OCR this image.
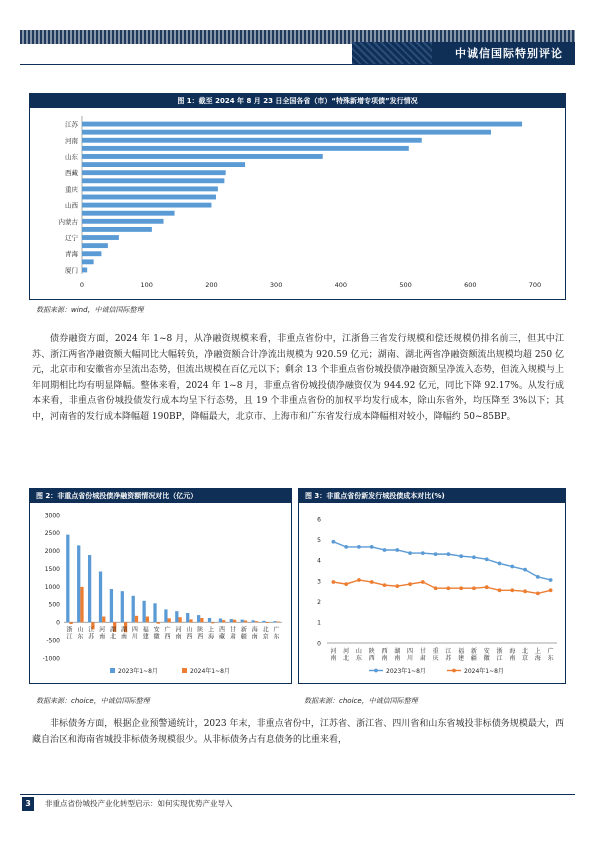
中诚信国际特别评论
图 1：截至 2024 年 8 月 23 日全国各省（市）“特殊新增专项债”发行情况
江苏
河南
山东
西藏
重庆
山西
内蒙古
辽宁
青海
厦门
0	100	200	300	400	500	600	700
数据来源：wind，中诚信国际整理

债券融资方面，2024 年 1~8 月，从净融资规模来看，非重点省份中，江浙鲁三省发行规模和偿还规模仍排名前三，但其中江苏、浙江两省净融资额大幅同比大幅转负，净融资额合计净流出规模为 920.59 亿元；湖南、湖北两省净融资额流出规模均超 250 亿元，北京市和安徽省亦呈流出态势，但流出规模在百亿元以下；剩余 13 个非重点省份城投债净融资额呈净流入态势，但流入规模与上年同期相比均有明显降幅。整体来看，2024 年 1~8 月，非重点省份城投债净融资仅为 944.92 亿元，同比下降 92.17%。从发行成本来看，非重点省份城投债发行成本均呈下行态势，且 19 个非重点省份的加权平均发行成本，除山东省外，均压降至 3%以下；其中，河南省的发行成本降幅超 190BP，降幅最大，北京市、上海市和广东省发行成本降幅相对较小，降幅约 50~85BP。

图 2：非重点省份城投债净融资额情况对比（亿元）
-1000
-500
0
500
1000
1500
2000
2500
3000
浙
江
山
东
江
苏
河
南
湖
北
湖
南
四
川
福
建
安
徽
广
西
河
南
山
西
陕
西
上
海
西
藏
甘
肃
新
疆
海
南
北
京
广
东
2023年1~8月	2024年1~8月
数据来源：choice，中诚信国际整理
图 3：非重点省份新发行城投债成本对比(%)
0
1
2
3
4
5
6
河
南
河
北
山
东
陕
西
西
南
湖
南
四
川
甘
肃
重
庆
江
苏
福
建
新
疆
安
徽
浙
江
海
南
北
京
上
海
广
东
2023年1~8月	2024年1~8月
数据来源：choice，中诚信国际整理

非标债务方面，根据企业预警通统计，2023 年末，非重点省份中，江苏省、浙江省、四川省和山东省城投非标债务规模最大，西藏自治区和海南省城投非标债务规模很少。从非标债务占有息债务的比重来看，

3	非重点省份城投产业化转型启示：如何实现优势产业导入
